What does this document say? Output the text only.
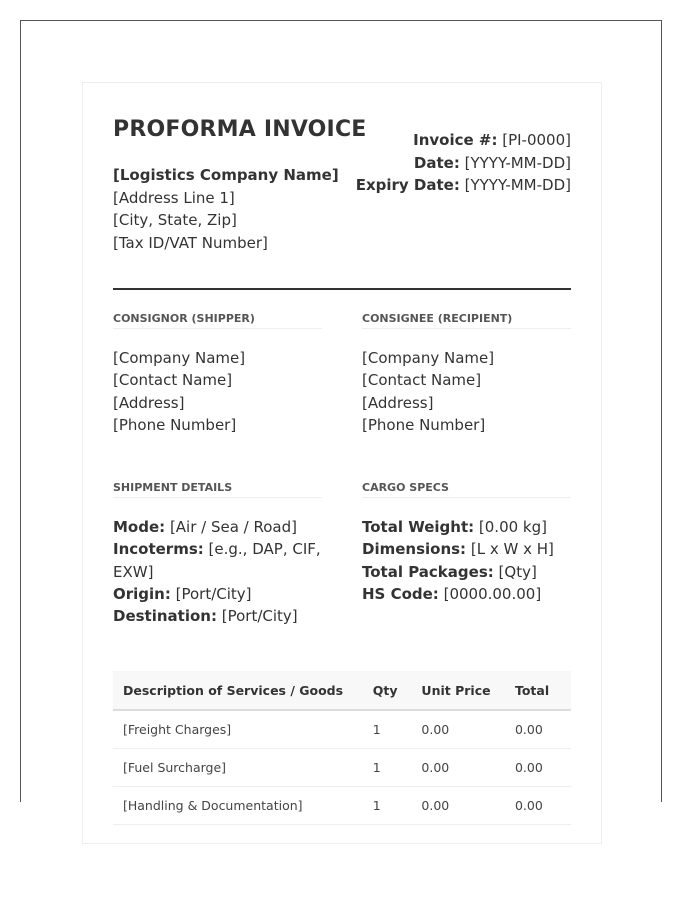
PROFORMA INVOICE
[Logistics Company Name]
[Address Line 1]
[City, State, Zip]
[Tax ID/VAT Number]
Invoice #: [PI-0000]
Date: [YYYY-MM-DD]
Expiry Date: [YYYY-MM-DD]
CONSIGNOR (SHIPPER)
[Company Name]
[Contact Name]
[Address]
[Phone Number]
CONSIGNEE (RECIPIENT)
[Company Name]
[Contact Name]
[Address]
[Phone Number]
SHIPMENT DETAILS
Mode: [Air / Sea / Road]
Incoterms: [e.g., DAP, CIF, EXW]
Origin: [Port/City]
Destination: [Port/City]
CARGO SPECS
Total Weight: [0.00 kg]
Dimensions: [L x W x H]
Total Packages: [Qty]
HS Code: [0000.00.00]
Description of Services / Goods	Qty	Unit Price	Total
[Freight Charges]	1	0.00	0.00
[Fuel Surcharge]	1	0.00	0.00
[Handling & Documentation]	1	0.00	0.00
